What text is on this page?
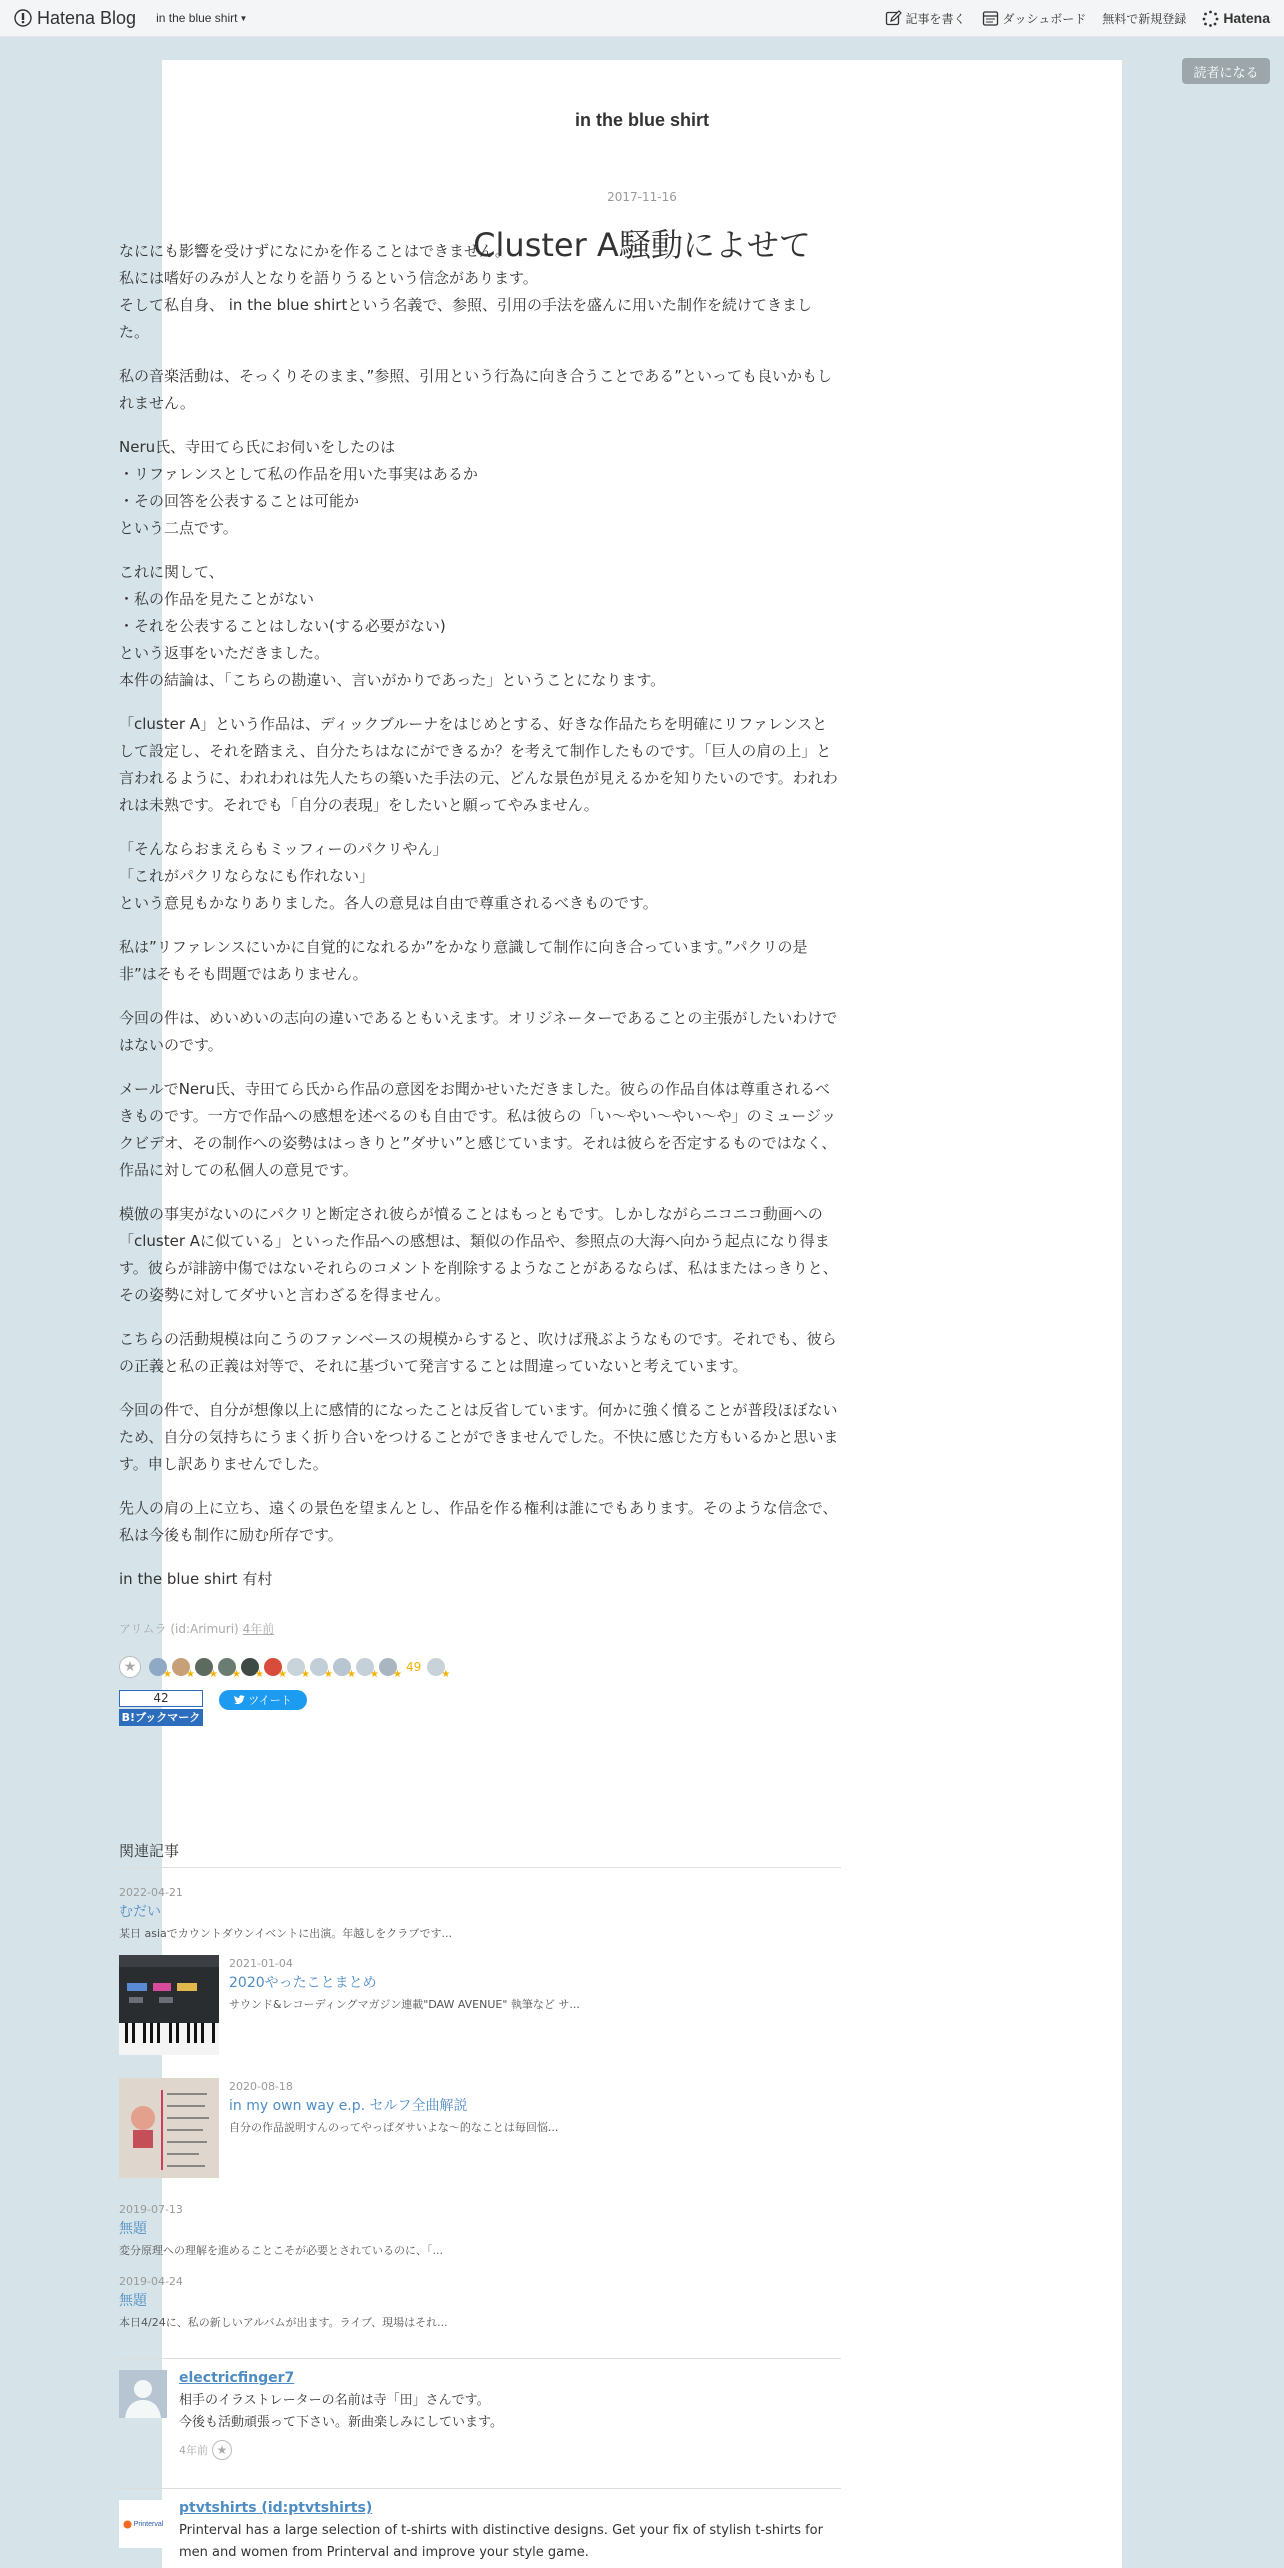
Hatena Blog in the blue shirt ▼	記事を書く	ダッシュボード 無料で新規登録	Hatena
読者になる
in the blue shirt
2017-11-16
Cluster A騒動によせて

なににも影響を受けずになにかを作ることはできません。
私には嗜好のみが人となりを語りうるという信念があります。
そして私自身、 in the blue shirtという名義で、参照、引用の手法を盛んに用いた制作を続けてきました。

私の音楽活動は、そっくりそのまま、”参照、引用という行為に向き合うことである”といっても良いかもしれません。

Neru氏、寺田てら氏にお伺いをしたのは
・リファレンスとして私の作品を用いた事実はあるか
・その回答を公表することは可能か
という二点です。

これに関して、
・私の作品を見たことがない
・それを公表することはしない(する必要がない)
という返事をいただきました。
本件の結論は、「こちらの勘違い、言いがかりであった」ということになります。

「cluster A」という作品は、ディックブルーナをはじめとする、好きな作品たちを明確にリファレンスとして設定し、それを踏まえ、自分たちはなにができるか？を考えて制作したものです。「巨人の肩の上」と言われるように、われわれは先人たちの築いた手法の元、どんな景色が見えるかを知りたいのです。われわれは未熟です。それでも「自分の表現」をしたいと願ってやみません。

「そんならおまえらもミッフィーのパクリやん」
「これがパクリならなにも作れない」
という意見もかなりありました。各人の意見は自由で尊重されるべきものです。

私は”リファレンスにいかに自覚的になれるか”をかなり意識して制作に向き合っています。”パクリの是非”はそもそも問題ではありません。

今回の件は、めいめいの志向の違いであるともいえます。オリジネーターであることの主張がしたいわけではないのです。

メールでNeru氏、寺田てら氏から作品の意図をお聞かせいただきました。彼らの作品自体は尊重されるべきものです。一方で作品への感想を述べるのも自由です。私は彼らの「い〜やい〜やい〜や」のミュージックビデオ、その制作への姿勢ははっきりと”ダサい”と感じています。それは彼らを否定するものではなく、作品に対しての私個人の意見です。

模倣の事実がないのにパクリと断定され彼らが憤ることはもっともです。しかしながらニコニコ動画への「cluster Aに似ている」といった作品への感想は、類似の作品や、参照点の大海へ向かう起点になり得ます。彼らが誹謗中傷ではないそれらのコメントを削除するようなことがあるならば、私はまたはっきりと、その姿勢に対してダサいと言わざるを得ません。

こちらの活動規模は向こうのファンベースの規模からすると、吹けば飛ぶようなものです。それでも、彼らの正義と私の正義は対等で、それに基づいて発言することは間違っていないと考えています。

今回の件で、自分が想像以上に感情的になったことは反省しています。何かに強く憤ることが普段ほぼないため、自分の気持ちにうまく折り合いをつけることができませんでした。不快に感じた方もいるかと思います。申し訳ありませんでした。

先人の肩の上に立ち、遠くの景色を望まんとし、作品を作る権利は誰にでもあります。そのような信念で、私は今後も制作に励む所存です。

in the blue shirt 有村

アリムラ (id:Arimuri) 4年前
★ ★ ★ ★ ★ ★ ★ ★ ★ ★ ★ ★	49
★
42
B!ブックマーク
ツイート
関連記事
2022-04-21
むだい
某日 asiaでカウントダウンイベントに出演。年越しをクラブです...
2021-01-04
2020やったことまとめ
サウンド&レコーディングマガジン連載"DAW AVENUE" 執筆など サ...
2020-08-18
in my own way e.p. セルフ全曲解説
自分の作品説明すんのってやっぱダサいよな〜的なことは毎回悩...
2019-07-13
無題
変分原理への理解を進めることこそが必要とされているのに、「...
2019-04-24
無題
本日4/24に、私の新しいアルバムが出ます。ライブ、現場はそれ...
electricfinger7
相手のイラストレーターの名前は寺「田」さんです。
今後も活動頑張って下さい。新曲楽しみにしています。
4年前 ★
Printerval
ptvtshirts (id:ptvtshirts)
Printerval has a large selection of t-shirts with distinctive designs. Get your fix of stylish t-shirts for men and women from Printerval and improve your style game.
